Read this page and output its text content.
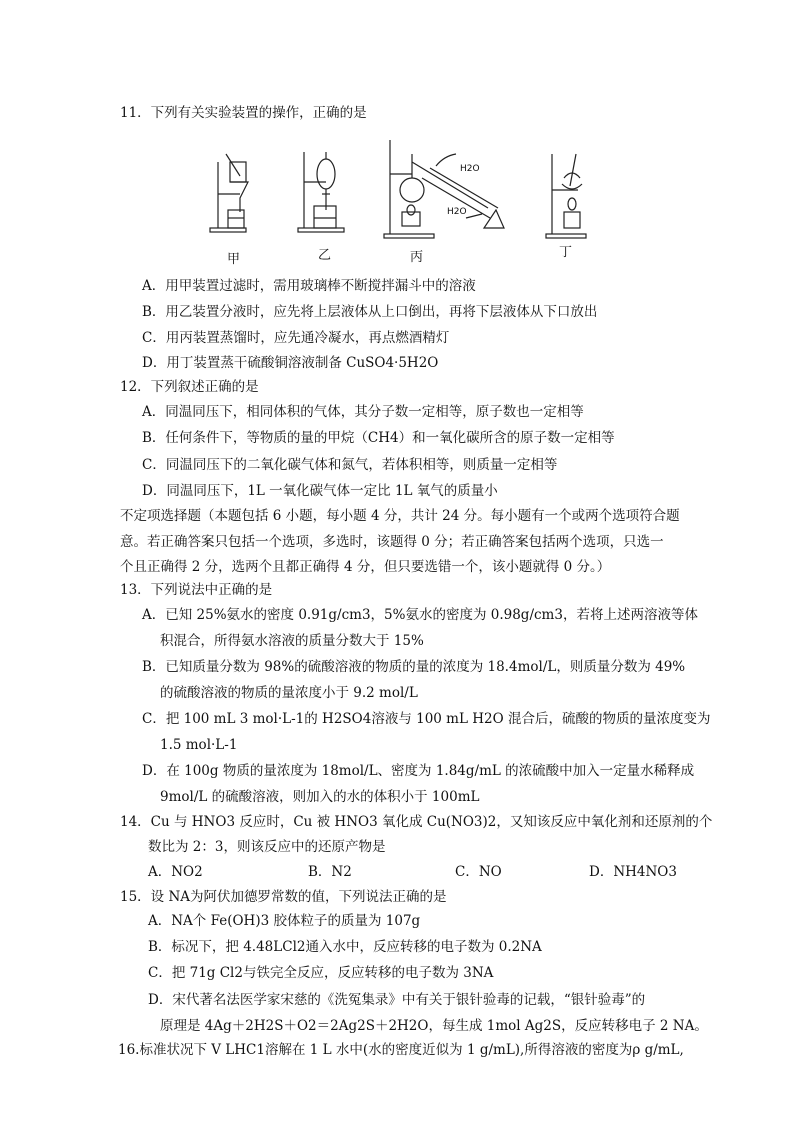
11．下列有关实验装置的操作，正确的是
甲	乙	丙	丁
H2O
H2O
A．用甲装置过滤时，需用玻璃棒不断搅拌漏斗中的溶液
B．用乙装置分液时，应先将上层液体从上口倒出，再将下层液体从下口放出
C．用丙装置蒸馏时，应先通冷凝水，再点燃酒精灯
D．用丁装置蒸干硫酸铜溶液制备 CuSO4·5H2O
12．下列叙述正确的是
A．同温同压下，相同体积的气体，其分子数一定相等，原子数也一定相等
B．任何条件下，等物质的量的甲烷（CH4）和一氧化碳所含的原子数一定相等
C．同温同压下的二氧化碳气体和氮气，若体积相等，则质量一定相等
D．同温同压下，1L 一氧化碳气体一定比 1L 氧气的质量小
不定项选择题（本题包括 6 小题，每小题 4 分，共计 24 分。每小题有一个或两个选项符合题
意。若正确答案只包括一个选项，多选时，该题得 0 分；若正确答案包括两个选项，只选一
个且正确得 2 分，选两个且都正确得 4 分，但只要选错一个，该小题就得 0 分。）
13．下列说法中正确的是
A．已知 25%氨水的密度 0.91g/cm3，5%氨水的密度为 0.98g/cm3，若将上述两溶液等体
积混合，所得氨水溶液的质量分数大于 15%
B．已知质量分数为 98%的硫酸溶液的物质的量的浓度为 18.4mol/L，则质量分数为 49%
的硫酸溶液的物质的量浓度小于 9.2 mol/L
C．把 100 mL 3 mol·L-1的 H2SO4溶液与 100 mL H2O 混合后，硫酸的物质的量浓度变为
1.5 mol·L-1
D．在 100g 物质的量浓度为 18mol/L、密度为 1.84g/mL 的浓硫酸中加入一定量水稀释成
9mol/L 的硫酸溶液，则加入的水的体积小于 100mL
14．Cu 与 HNO3 反应时，Cu 被 HNO3 氧化成 Cu(NO3)2，又知该反应中氧化剂和还原剂的个
数比为 2：3，则该反应中的还原产物是
A．NO2	B．N2	C．NO	D．NH4NO3
15．设 NA为阿伏加德罗常数的值，下列说法正确的是
A．NA个 Fe(OH)3 胶体粒子的质量为 107g
B．标况下，把 4.48LCl2通入水中，反应转移的电子数为 0.2NA
C．把 71g Cl2与铁完全反应，反应转移的电子数为 3NA
D．宋代著名法医学家宋慈的《洗冤集录》中有关于银针验毒的记载，“银针验毒”的
原理是 4Ag＋2H2S＋O2＝2Ag2S＋2H2O，每生成 1mol Ag2S，反应转移电子 2 NA。
16.标准状况下 V LHC1溶解在 1 L 水中(水的密度近似为 1 g/mL),所得溶液的密度为ρ g/mL,
